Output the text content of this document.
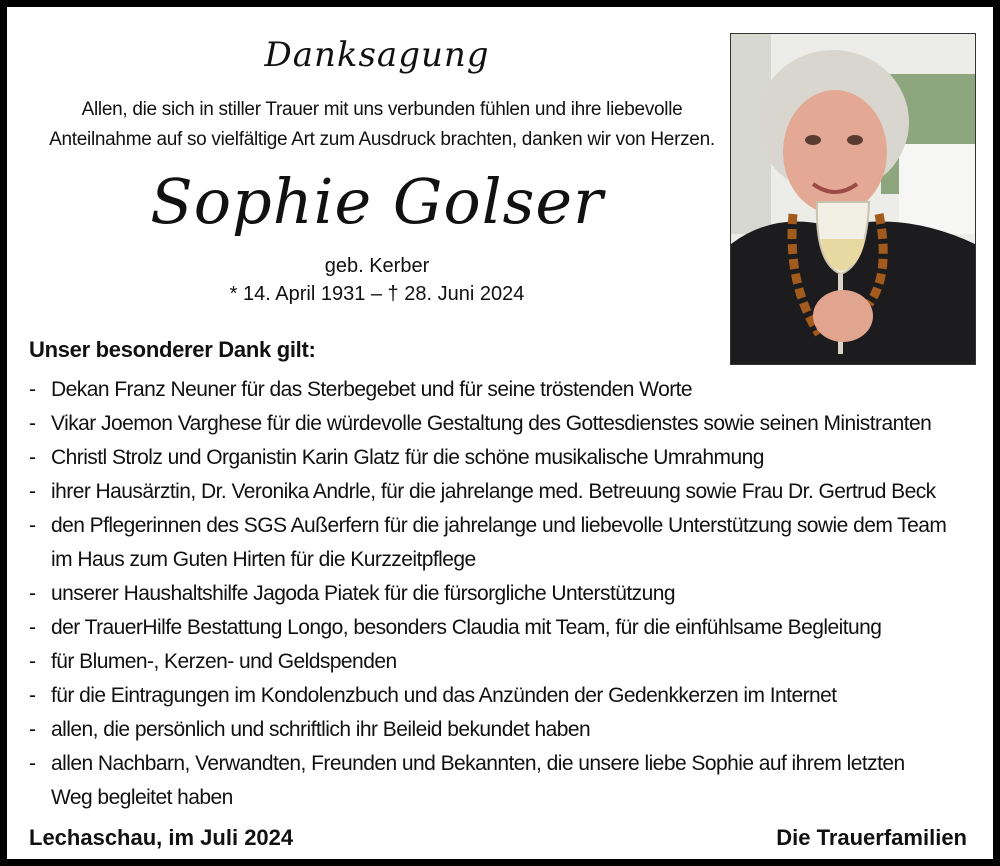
Danksagung
Allen, die sich in stiller Trauer mit uns verbunden fühlen und ihre liebevolle
Anteilnahme auf so vielfältige Art zum Ausdruck brachten, danken wir von Herzen.
Sophie Golser
geb. Kerber
* 14. April 1931 – † 28. Juni 2024
Unser besonderer Dank gilt:
- Dekan Franz Neuner für das Sterbegebet und für seine tröstenden Worte
- Vikar Joemon Varghese für die würdevolle Gestaltung des Gottesdienstes sowie seinen Ministranten
- Christl Strolz und Organistin Karin Glatz für die schöne musikalische Umrahmung
- ihrer Hausärztin, Dr. Veronika Andrle, für die jahrelange med. Betreuung sowie Frau Dr. Gertrud Beck
- den Pflegerinnen des SGS Außerfern für die jahrelange und liebevolle Unterstützung sowie dem Team
im Haus zum Guten Hirten für die Kurzzeitpflege
- unserer Haushaltshilfe Jagoda Piatek für die fürsorgliche Unterstützung
- der TrauerHilfe Bestattung Longo, besonders Claudia mit Team, für die einfühlsame Begleitung
- für Blumen-, Kerzen- und Geldspenden
- für die Eintragungen im Kondolenzbuch und das Anzünden der Gedenkkerzen im Internet
- allen, die persönlich und schriftlich ihr Beileid bekundet haben
- allen Nachbarn, Verwandten, Freunden und Bekannten, die unsere liebe Sophie auf ihrem letzten
Weg begleitet haben
Lechaschau, im Juli 2024	Die Trauerfamilien
